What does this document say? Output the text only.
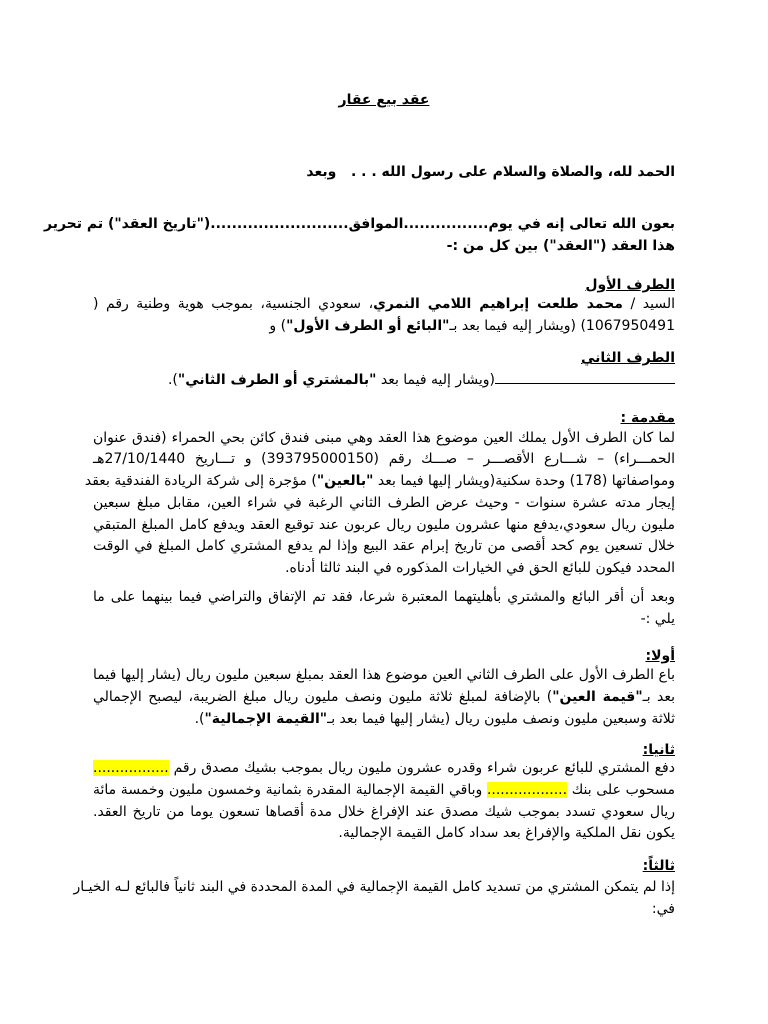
عقد بيع عقار
الحمد لله، والصلاة والسلام على رسول الله . . .   وبعد
بعون الله تعالى إنه في يوم................الموافق..........................("تاريخ العقد") تم تحرير
هذا العقد ("العقد") بين كل من :-
الطرف الأول
السيد / محمد طلعت إبراهيم اللامي النمري، سعودي الجنسية، بموجب هوية وطنية رقم (
1067950491) (ويشار إليه فيما بعد بـ"البائع أو الطرف الأول") و
الطرف الثاني
(ويشار إليه فيما بعد "بالمشتري أو الطرف الثاني").
مقدمة :
لما كان الطرف الأول يملك العين موضوع هذا العقد وهي مبنى فندق كائن بحي الحمراء (فندق عنوان
الحمـــراء) – شـــارع الأقصـــر – صـــك رقم (393795000150) و تـــاريخ 27/10/1440هـ
ومواصفاتها (178) وحدة سكنية(ويشار إليها فيما بعد "بالعين") مؤجرة إلى شركة الريادة الفندقية بعقد
إيجار مدته عشرة سنوات - وحيث عرض الطرف الثاني الرغبة في شراء العين، مقابل مبلغ سبعين
مليون ريال سعودي،يدفع منها عشرون مليون ريال عربون عند توقيع العقد ويدفع كامل المبلغ المتبقي
خلال تسعين يوم كحد أقصى من تاريخ إبرام عقد البيع وإذا لم يدفع المشتري كامل المبلغ في الوقت
المحدد فيكون للبائع الحق في الخيارات المذكوره في البند ثالثا أدناه.
وبعد أن أقر البائع والمشتري بأهليتهما المعتبرة شرعا، فقد تم الإتفاق والتراضي فيما بينهما على ما
يلي :-
أولا:
باع الطرف الأول على الطرف الثاني العين موضوع هذا العقد بمبلغ سبعين مليون ريال (يشار إليها فيما
بعد بـ"قيمة العين") بالإضافة لمبلغ ثلاثة مليون ونصف مليون ريال مبلغ الضريبة، ليصبح الإجمالي
ثلاثة وسبعين مليون ونصف مليون ريال (يشار إليها فيما بعد بـ"القيمة الإجمالية").
ثانيا:
دفع المشتري للبائع عربون شراء وقدره عشرون مليون ريال بموجب بشيك مصدق رقم .................
مسحوب على بنك .................. وباقي القيمة الإجمالية المقدرة بثمانية وخمسون مليون وخمسة مائة
ريال سعودي تسدد بموجب شيك مصدق عند الإفراغ خلال مدة أقصاها تسعون يوما من تاريخ العقد.
يكون نقل الملكية والإفراغ بعد سداد كامل القيمة الإجمالية.
ثالثاً:
إذا لم يتمكن المشتري من تسديد كامل القيمة الإجمالية في المدة المحددة في البند ثانياً فالبائع لـه الخيـار
في:
